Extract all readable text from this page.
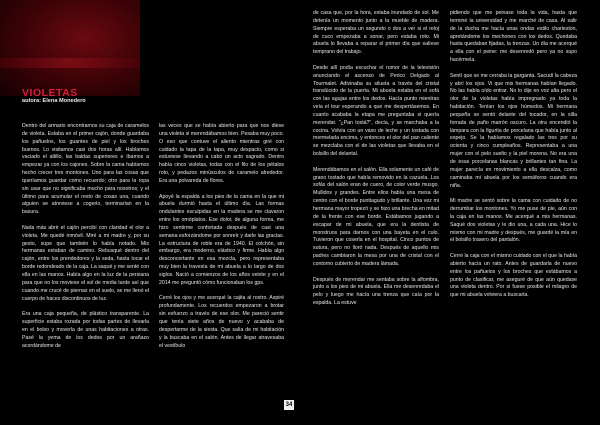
VIOLETAS
autora: Elena Monedero

Dentro del armario encontramos su caja de caramelos de violeta. Estaba en el primer cajón, donde guardaba los pañuelos, los guantes de piel y los broches buenos. Lo visitamos casi dos horas allí. Hablamos vaciado el altillo, las baldas superiores e íbamos a empezar ya con los cajones. Sobre la cama habíamos hecho crecer tres montones. Uno para las cosas que queríamos guardar como recuerdo; otro para la ropa sin usar que no significaba mucho para nosotros; y el último para acumular el resto de cosas una, cuando alguien se atreviese a cogerlo, terminarían en la basura.

Nada más abrir el cajón percibí con claridad el olor a violeta. Me quedé inmóvil. Miré a mi madre y, por su gesto, supe que también lo había notado. Mis hermanas estaban de camino. Rebusqué dentro del cajón, entre los prendedores y la seda, hasta tocar el borde redondeado de la caja. La saqué y me senté con ella en las manos. Había algo en la luz de la persiana para que no los moviese el sol de media tarde así que cuando me crucé de piernas en el suelo, se me llenó el cuerpo de haces discontinuos de luz.

Era una caja pequeña, de plástico transparente. La superficie estaba rozada por todas partes de llevarla en el bolso y moverla de unas habitaciones a otras. Pasé la yema de los dedos por un arañazo acordándome de

las veces que se había abierto para que nos diese una violeta si merendábamos bien. Pesaba muy poco. O eso que contuve el aliento mientras giré con cuidado la tapa de la tapa, muy despacio, como si estuviese llevando a cabo un acto sagrado. Dentro había cinco violetas, todas con el filo de los pétalos roto, y pedazos minúsculos de caramelo alrededor. Era una polvareda de flores.

Apoyé la espalda a los pies de la cama en la que mi abuela durmió hasta el último día. Las formas ondulantes esculpidas en la madera se me clavaron entre los omóplatos. Ese dolor, de alguna forma, me hizo sentirme confortada después de casi una semana esforzándome por sonreír y darle las gracias. La estructura de roble era de 1940. El colchón, sin embargo, era moderno, elástico y firme. Había algo desconcertante en esa mezcla, pero representaba muy bien la travesía de mi abuela a lo largo de dos siglos. Nació a comienzos de los años veinte y en el 2014 me preguntó cómo funcionaban los gps.

Cerré los ojos y me acerqué la cajita al rostro. Aspiré profundamente. Los recuerdos empezaron a brotar sin esfuerzo a través de ese olor. Me pareció sentir que tenía siete años de nuevo y acababa de despertarme de la siesta. Que salía de mi habitación y la buscaba en el salón. Antes de llegar atravesaba el vestíbulo

de casa que, por la hora, estaba inundado de sol. Me detenía un momento junto a la mueble de madera. Siempre esperaba un segundo o dos a ver si el reloj de cuco empezaba a sonar, pero estaba roto. Mi abuela lo llevaba a reparar el primer día que salíese temprano del trabajo.

Desde allí podía escuchar el rumor de la televisión anunciando el ascenso de Perico Delgado al Tourmalet. Adivinaba su silueta a través del cristal translúcido de la puerta. Mi abuela estaba en el sofá con las agujas entre los dedos. Hacía punto mientras veía el tour esperando a que me despertásemos. En cuanto acababa la etapa me preguntaba si quería merendar. "¿Pan tostá?", decía, y se marchaba a la cocina. Volvía con un vaso de leche y un tostada con mermelada encima, y entonces el olor del pan caliente se mezclaba con el de las violetas que llevaba en el bolsillo del delantal.

Merendábamos en el salón. Ella solamente un café de grano tostado que había removido en la cazuela. Los sofás del salón eran de cuero, de color verde musgo. Mullidos y grandes. Entre ellos había una mesa de centro con el borde puntiagudo y brillante. Una vez mi hermana mayor tropezó y se hizo una brecha en mitad de la frente con ese borde. Estábamos jugando a escapar de mi abuela, que era la dentista de monstruos para darnos con una bayeta en el culo. Tuvieron que coserla en el hospital. Cinco puntos de sutura, pero no lloró nada. Después de aquello mis padres cambiaron la mesa por una de cristal con el contorno cubierto de madera lámada.

Después de merendar me sentaba sobre la alfombra, junto a los pies de mi abuela. Ella me desenredaba el pelo y luego me hacía una trenza que caía por la espalda. La estuve

pidiendo que me peinase toda la vida, hasta que terminé la universidad y me marché de casa. Al salir de la ducha me hacía unas ondas estilo charleston, apretándome los mechones con los dedos. Quedaba hasta quedaban fijadas, la trenzas. Un día me acerqué a ella con el peine: me desenredó pero ya no supo hacérmela.

Sentí que se me cerraba la garganta. Sacudí la cabeza y abrí los ojos. Vi que mis hermanas habían llegado. No las había oído entrar. No lo dije en voz alta pero el olor de la violetas había impregnado ya toda la habitación. Tenían los ojos húmedos. Mi hermana pequeña se sentó delante del tocador, en la silla forrada de paño marrón oscuro. La otra encendió la lámpara con la figurita de porcelana que había junto al espejo. Se la habíamos regalado las tres por su octenta y cinco cumpleaños. Representaba a una mujer con el pelo suelto y la piel morena. No era una de esas porcelanas blancas y brillantes tan fina. La mujer parecía en movimiento a ella descalza, como caminaba mi abuela por los semáforos cuando era niña.

Mi madre se sentó sobre la cama con cuidado de no derrumbar los montones. Yo me puse de pie, aún con la caja en las manos. Me acerqué a mis hermanas. Saqué dos violetas y le dio una, a cada una. Hice lo mismo con mi madre y después, me guardé la mía en el bolsillo trasero del pantalón.

Cerré la caja con el mismo cuidado con el que la había abierto hacía un rato. Antes de guardarla de nuevo entre los pañuelos y los broches que estábamos a punto de clasificar, me aseguré de que aún quedase una violeta dentro. Por si fuese posible el milagro de que mi abuela volviera a buscarla.

34
